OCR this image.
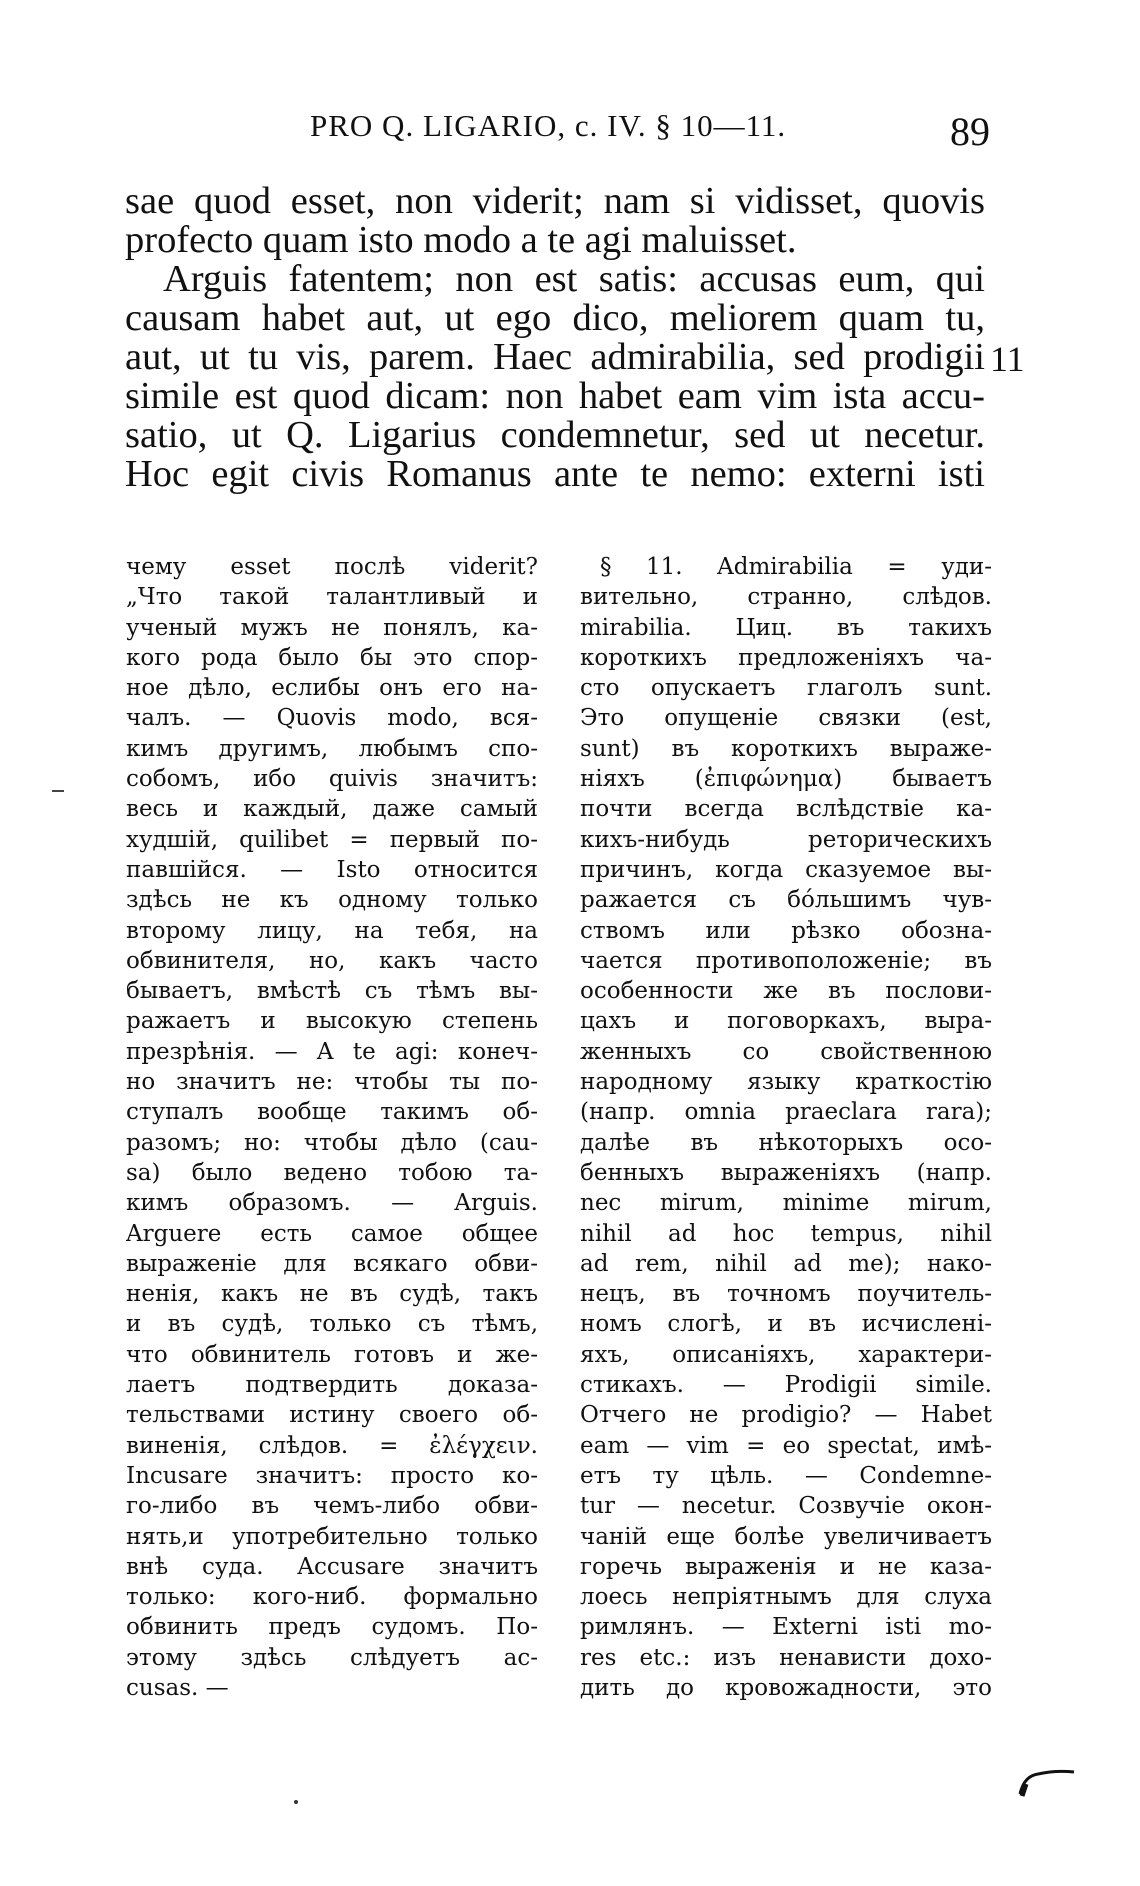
PRO Q. LIGARIO, c. IV. § 10—11.	89
sae quod esset, non viderit; nam si vidisset, quovis
profecto quam isto modo a te agi maluisset.
Arguis fatentem; non est satis: accusas eum, qui
causam habet aut, ut ego dico, meliorem quam tu,
aut, ut tu vis, parem. Haec admirabilia, sed prodigii
simile est quod dicam: non habet eam vim ista accu-
satio, ut Q. Ligarius condemnetur, sed ut necetur.
Hoc egit civis Romanus ante te nemo: externi isti
11
чему esset послѣ viderit?
„Что такой талантливый и
ученый мужъ не понялъ, ка-
кого рода было бы это спор-
ное дѣло, еслибы онъ его на-
чалъ. — Quovis modo, вся-
кимъ другимъ, любымъ спо-
собомъ, ибо quivis значитъ:
весь и каждый, даже самый
худшій, quilibet = первый по-
павшійся. — Isto относится
здѣсь не къ одному только
второму лицу, на тебя, на
обвинителя, но, какъ часто
бываетъ, вмѣстѣ съ тѣмъ вы-
ражаетъ и высокую степень
презрѣнія. — A te agi: конеч-
но значитъ не: чтобы ты по-
ступалъ вообще такимъ об-
разомъ; но: чтобы дѣло (cau-
sa) было ведено тобою та-
кимъ образомъ. — Arguis.
Arguere есть самое общее
выраженіе для всякаго обви-
ненія, какъ не въ судѣ, такъ
и въ судѣ, только съ тѣмъ,
что обвинитель готовъ и же-
лаетъ подтвердить доказа-
тельствами истину своего об-
виненія, слѣдов. = ἐλέγχειν.
Incusare значитъ: просто ко-
го-либо въ чемъ-либо обви-
нять,и употребительно только
внѣ суда. Accusare значитъ
только: кого-ниб. формально
обвинить предъ судомъ. По-
этому здѣсь слѣдуетъ ac-
cusas. —
§ 11. Admirabilia = уди-
вительно, странно, слѣдов.
mirabilia. Циц. въ такихъ
короткихъ предложеніяхъ ча-
сто опускаетъ глаголъ sunt.
Это опущеніе связки (est,
sunt) въ короткихъ выраже-
ніяхъ (ἐπιφώνημα) бываетъ
почти всегда вслѣдствіе ка-
кихъ-нибудь реторическихъ
причинъ, когда сказуемое вы-
ражается съ бóльшимъ чув-
ствомъ или рѣзко обозна-
чается противоположеніе; въ
особенности же въ послови-
цахъ и поговоркахъ, выра-
женныхъ со свойственною
народному языку краткостію
(напр. omnia praeclara rara);
далѣе въ нѣкоторыхъ осо-
бенныхъ выраженіяхъ (напр.
nec mirum, minime mirum,
nihil ad hoc tempus, nihil
ad rem, nihil ad me); нако-
нецъ, въ точномъ поучитель-
номъ слогѣ, и въ исчислені-
яхъ, описаніяхъ, характери-
стикахъ. — Prodigii simile.
Отчего не prodigio? — Habet
eam — vim = eo spectat, имѣ-
етъ ту цѣль. — Condemne-
tur — necetur. Созвучіе окон-
чаній еще болѣе увеличиваетъ
горечь выраженія и не каза-
лоесь непріятнымъ для слуха
римлянъ. — Externi isti mo-
res etc.: изъ ненависти дохо-
дить до кровожадности, это
